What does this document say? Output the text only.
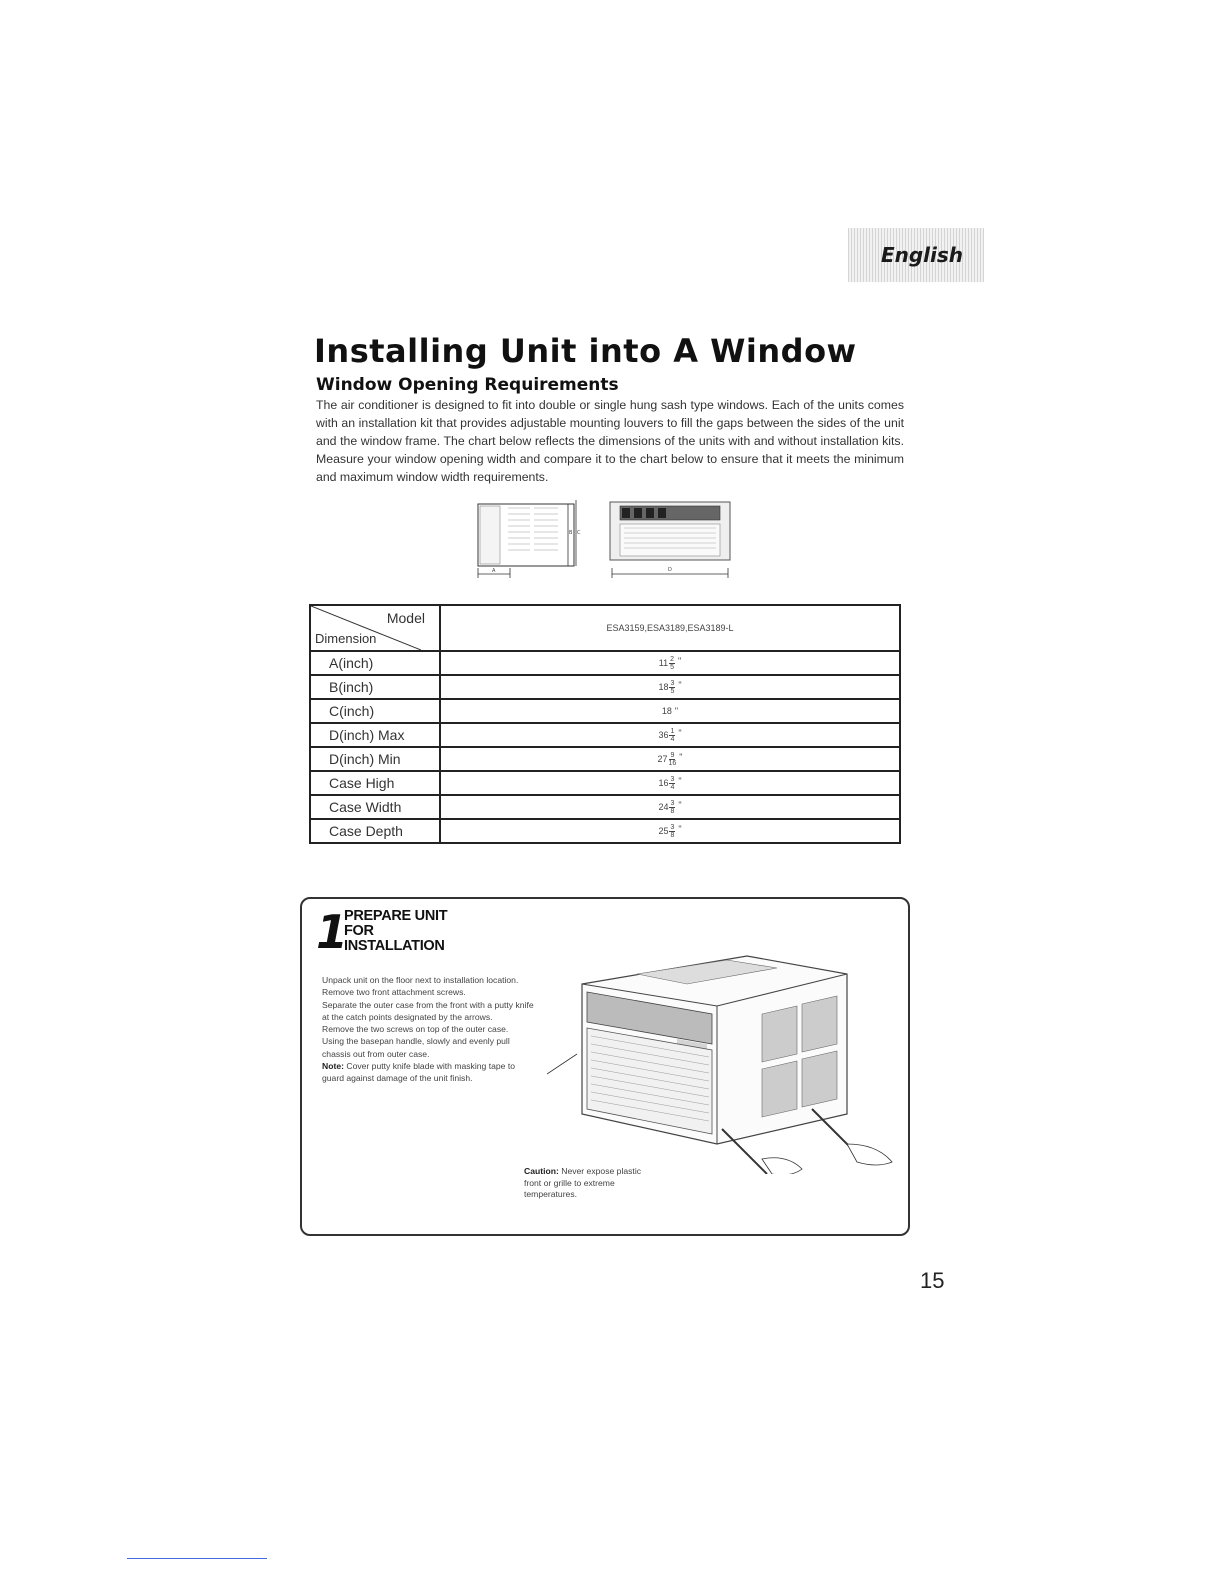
English
Installing Unit into A Window
Window Opening Requirements

The air conditioner is designed to fit into double or single hung sash type windows. Each of the units comes with an installation kit that provides adjustable mounting louvers to fill the gaps between the sides of the unit and the window frame. The chart below reflects the dimensions of the units with and without installation kits. Measure your window opening width and compare it to the chart below to ensure that it meets the minimum and maximum window width requirements.

A
B C
D
Model
Dimension	ESA3159,ESA3189,ESA3189-L
A(inch)	11 2
5
"

B(inch)	18 3
5
"

C(inch)	18 "

D(inch) Max	36 1
4
"

D(inch) Min	27 9
16
"

Case High	16 3
4
"

Case Width	24 3
8
"

Case Depth	25 3
8
"
1
PREPARE UNIT
FOR
INSTALLATION
Unpack unit on the floor next to installation location.
Remove two front attachment screws.
Separate the outer case from the front with a putty knife at the catch points designated by the arrows.
Remove the two screws on top of the outer case.
Using the basepan handle, slowly and evenly pull chassis out from outer case.
Note: Cover putty knife blade with masking tape to guard against damage of the unit finish.

Caution: Never expose plastic front or grille to extreme temperatures.

15
